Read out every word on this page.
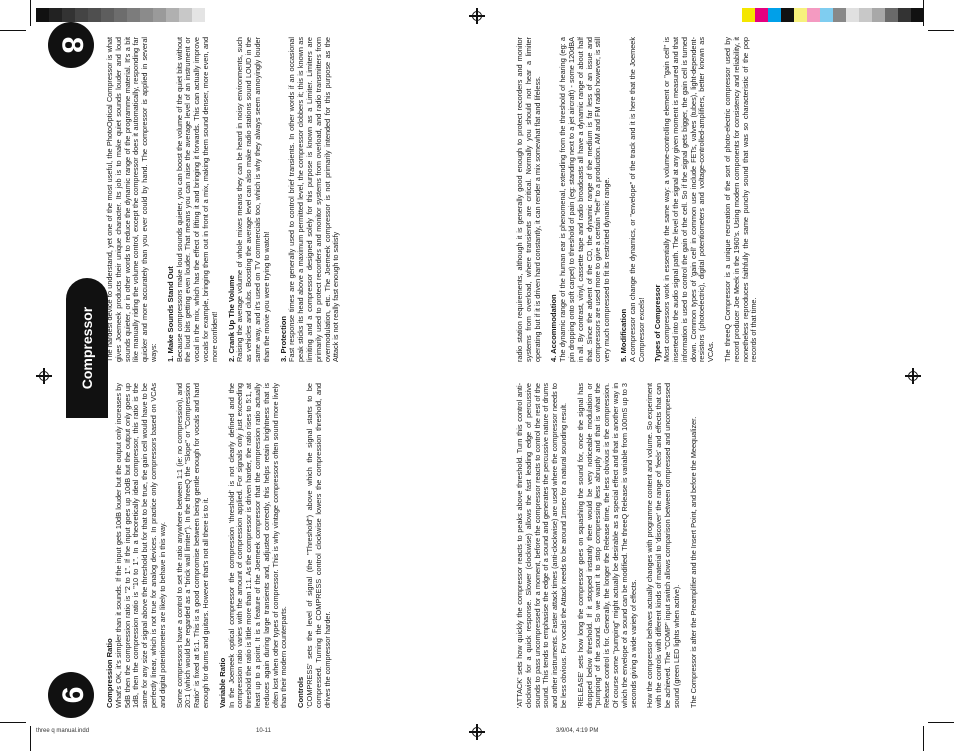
8
9
Compressor The hardest device to understand, yet one of the most useful, the PhotoOptical Compressor is what gives Joemeek products their unique character. Its job is to make quiet sounds louder and loud sounds quieter, or in other words to reduce the dynamic range of the programme material. It's a bit like manually riding the volume control, except the compressor does it automatically, responding far quicker and more accurately than you ever could by hand. The compressor is applied in several ways: 1. Make Sounds Stand Out Because compressors make loud sounds quieter, you can boost the volume of the quiet bits without the loud bits getting even louder. That means you can raise the average level of an instrument or vocal in the mix, which has the effect of lifting it and bringing it forwards. This can actually improve vocals for example, bringing them out in front of a mix, making them sound denser, more even, and more confident! 2. Crank Up The Volume Raising the average volume of whole mixes means they can be heard in noisy environments, such as vehicles and clubs. Boosting the average level can also make radio stations sound LOUD in the same way, and it's used on TV commercials too, which is why they always seem annoyingly louder than the movie you were trying to watch! 3. Protection Fast response times are generally used to control brief transients. In other words if an occasional peak sticks its head above a maximum permitted level, the compressor clobbers it; this is known as limiting and a compressor designed solely for this purpose is known as a Limiter. Limiters are primarily used to protect recorders and monitor systems from overload, and radio transmitters from overmodulation, etc. The Joemeek compressor is not primarily intended for this purpose as the Attack is not really fast enough to satisfy

Compression Ratio What's OK, it's simpler than it sounds. If the input gets 10dB louder but the output only increases by 5dB then the compression ratio is "2 to 1". If the input goes up 10dB but the output only goes up 1dB, then the compression ratio is "10 to 1". In a theoretically ideal compressor, this ratio is the same for any size of signal above the threshold but for that to be true, the gain cell would have to be perfectly linear, which is not true for analog devices. In practice only compressors based on VCAs and digital potentiometers are likely to behave in this way. Some compressors have a control to set the ratio anywhere between 1:1 (ie: no compression), and 20:1 (which would be regarded as a "brick wall limiter"). In the threeQ the "Slope" or "Compression Ratio" is fixed at 5:1. This is a good compromise between being gentle enough for vocals and hard enough for drums and guitars. However that's not all there is to it. Variable Ratio In the Joemeek optical compressor the compression 'threshold' is not clearly defined and the compression ratio varies with the amount of compression applied. For signals only just exceeding threshold the ratio is little more than 1:1. As the compressor is driven harder, the ratio rises to 5:1, at least up to a point. It is a feature of the Joemeek compressor that the compression ratio actually reduces again during large transients and, adjusted correctly, this helps retain brightness that is often lost when other types of compressor. This is why vintage compressors often sound more lively than their modern counterparts. Controls 'COMPRESS' sets the level of signal (the "Threshold") above which the signal starts to be compressed. Turning the COMPRESS control clockwise lowers the compression threshold, and drives the compressor harder.

radio station requirements, although it is generally good enough to protect recorders and monitor systems from overload, where transients are critical. Normally you should not hear a limiter operating but if it is driven hard constantly, it can render a mix somewhat flat and lifeless. 4. Accommodation The dynamic range of the human ear is phenomenal, extending from the threshold of hearing (eg: a pin dropping onto soft carpet) to threshold of pain (eg: standing next to a jet aircraft) - some 120dBA in all. By contrast, vinyl, cassette tape and radio broadcasts all have a dynamic range of about half that. Since the advent of the CD, the dynamic range of the medium is far less of an issue and compressors are used more to give a certain "feel" to a production. AM and FM radio however, is still very much compressed to fit its restricted dynamic range. 5. Modification A compressor can change the dynamics, or "envelope" of the track and it is here that the Joemeek Compressor excels! Types of Compressor Most compressors work in essentially the same way: a volume-controlling element or "gain cell" is inserted into the audio signal path. The level of the signal at any given moment is measured and that information is used to control the gain of the cell. So if the signal gets bigger, the gain cell is turned down. Common types of 'gain cell' in common use include FETs, valves (tubes), light-dependent-resistors (photoelectric), digital potentiometers and voltage-controlled-amplifiers, better known as VCAs. The threeQ Compressor is a unique recreation of the sort of photo-electric compressor used by record producer Joe Meek in the 1960's. Using modern components for consistency and reliability, it nonetheless reproduces faithfully the same punchy sound that was so characteristic of the pop records of that time.

'ATTACK' sets how quickly the compressor reacts to peaks above threshold. Turn this control anti-clockwise for a quick response. Slower (clockwise) allows the fast leading edge of percussive sounds to pass uncompressed for a moment, before the compressor reacts to control the rest of the sound. This tends to emphasise the edge of a sound and generates the percussive nature of drums and other instruments. Faster attack times (anti-clockwise) are used where the compressor needs to be less obvious. For vocals the Attack needs to be around 1msec for a natural sounding result. 'RELEASE' sets how long the compressor goes on squashing the sound for, once the signal has dropped below threshold. If it stopped instantly there would be very noticeable modulation or "pumping" of the sound. So we want it to stop compressing less abruptly and that is what the Release control is for. Generally, the longer the Release time, the less obvious is the compression. Of course some "pumping" might actually be desirable as a special effect and that is another way in which the envelope of a sound can be modified. The threeQ Release is variable from 100mS up to 3 seconds giving a wide variety of effects. How the compressor behaves actually changes with programme content and volume. So experiment with the controls with different kinds of material to 'discover' the range of 'feels' and effects that can be achieved. The "COMP" input switch allows comparison between compressed and uncompressed sound (green LED lights when active). The Compressor is after the Preamplifier and the Insert Point, and before the Meequalizer.

three q manual.indd	10-11	3/9/04, 4:19 PM
